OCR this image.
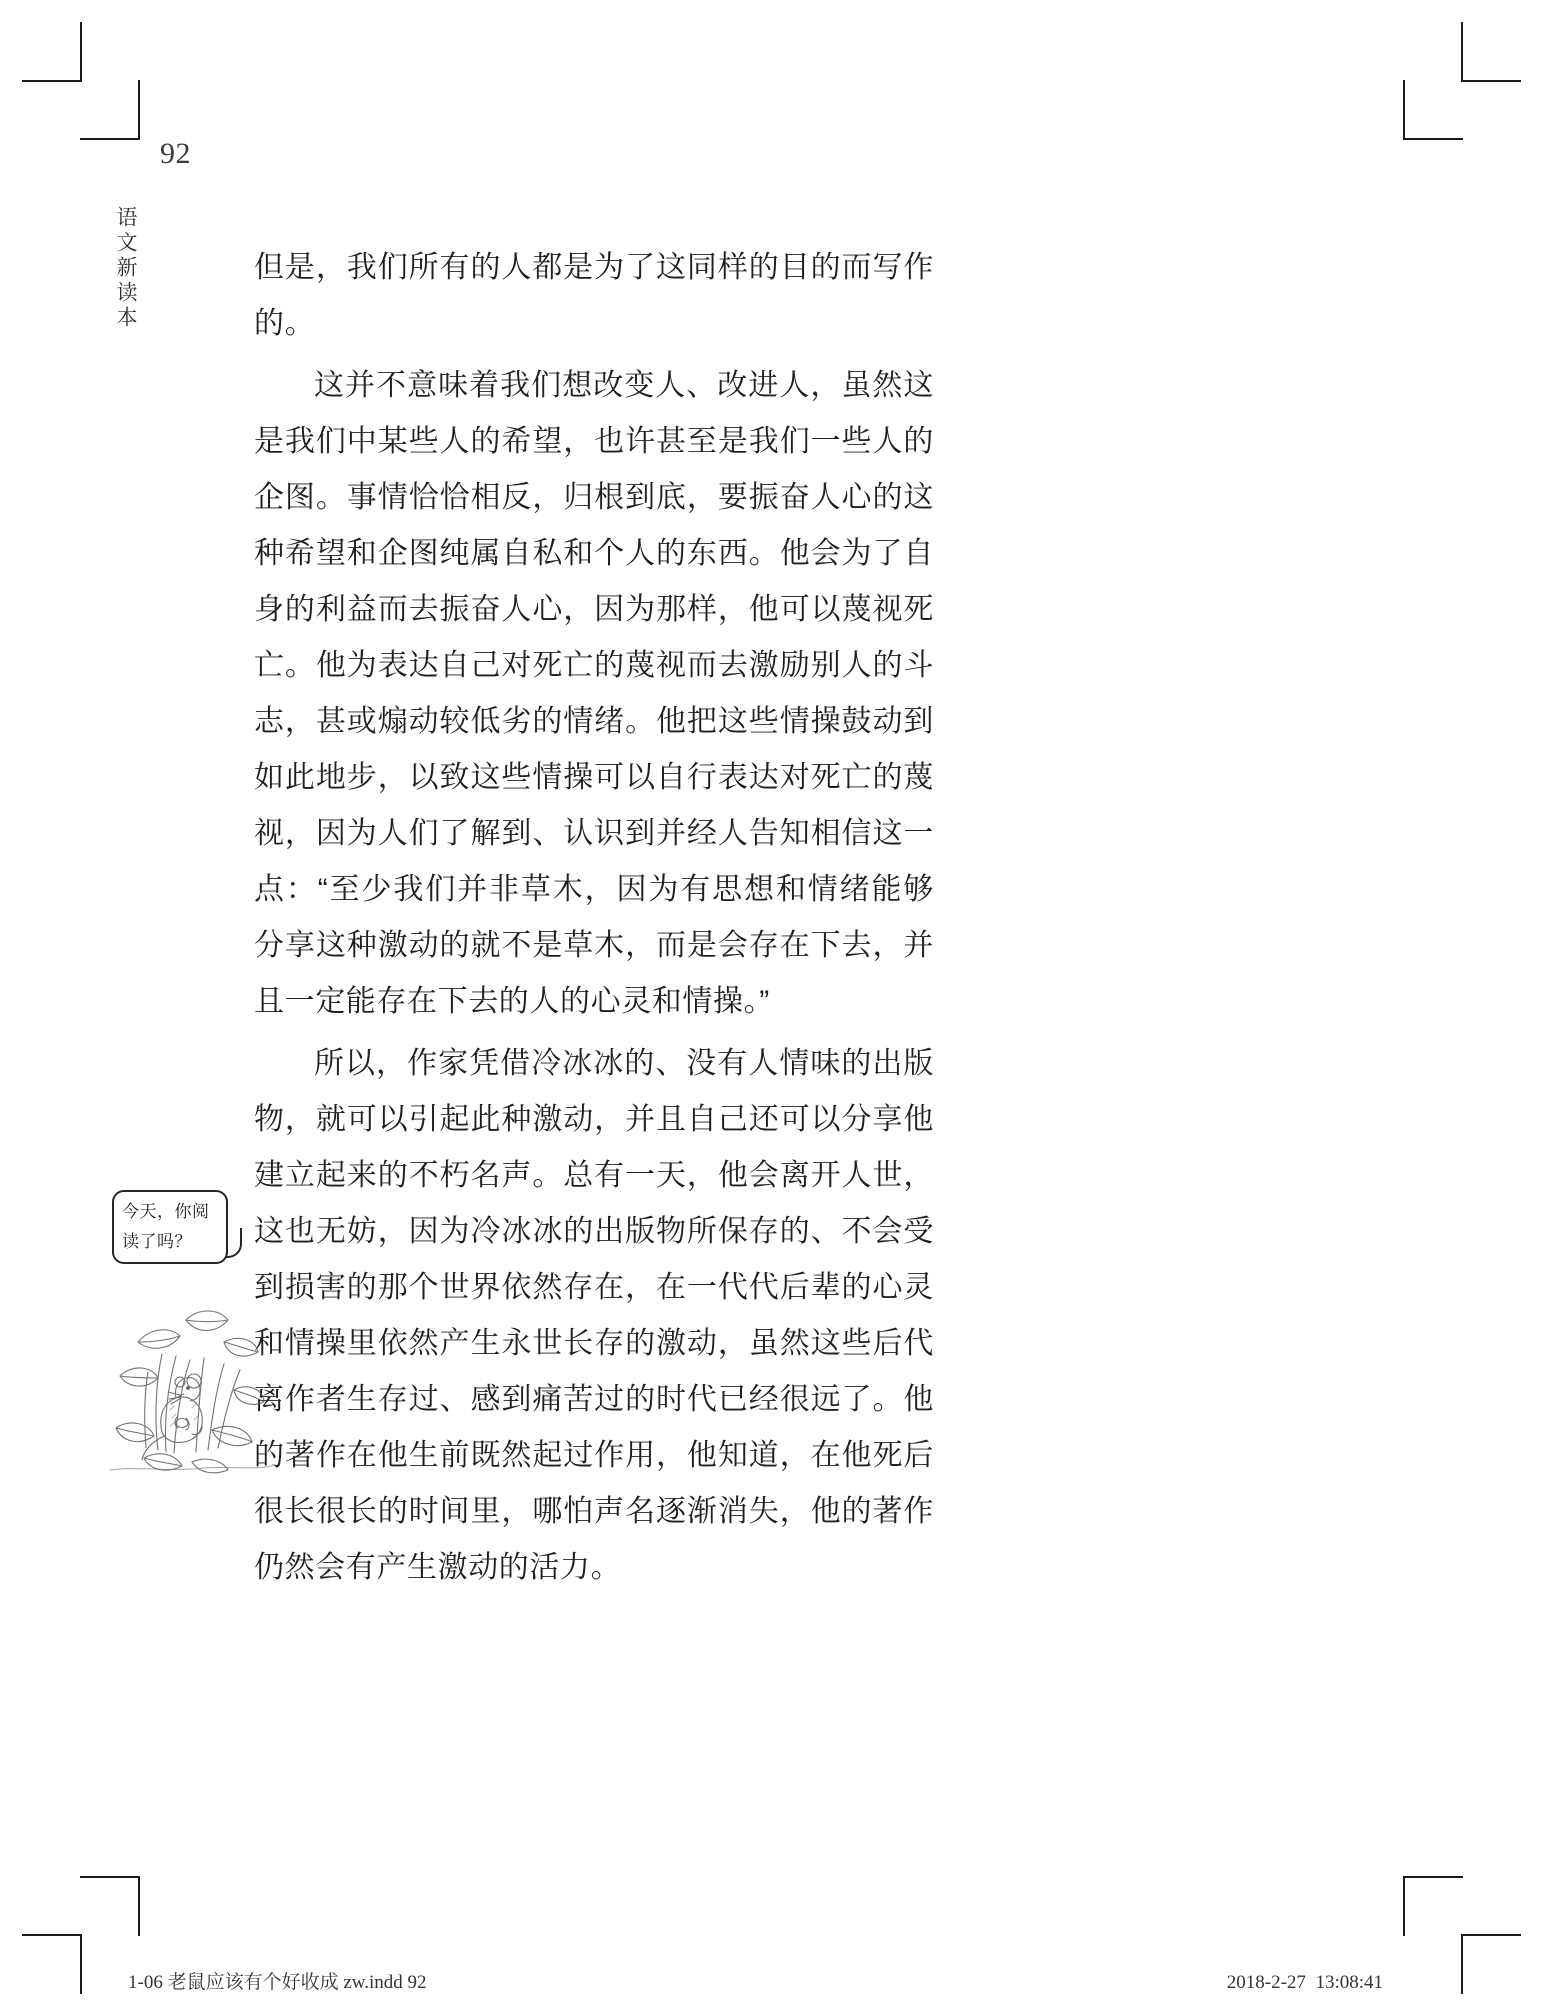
92
语文新读本	但是，我们所有的人都是为了这同样的目的而写作的。

这并不意味着我们想改变人、改进人，虽然这是我们中某些人的希望，也许甚至是我们一些人的企图。事情恰恰相反，归根到底，要振奋人心的这种希望和企图纯属自私和个人的东西。他会为了自身的利益而去振奋人心，因为那样，他可以蔑视死亡。他为表达自己对死亡的蔑视而去激励别人的斗志，甚或煽动较低劣的情绪。他把这些情操鼓动到如此地步，以致这些情操可以自行表达对死亡的蔑视，因为人们了解到、认识到并经人告知相信这一点：“至少我们并非草木，因为有思想和情绪能够分享这种激动的就不是草木，而是会存在下去，并且一定能存在下去的人的心灵和情操。”

所以，作家凭借冷冰冰的、没有人情味的出版物，就可以引起此种激动，并且自己还可以分享他建立起来的不朽名声。总有一天，他会离开人世，这也无妨，因为冷冰冰的出版物所保存的、不会受到损害的那个世界依然存在，在一代代后辈的心灵和情操里依然产生永世长存的激动，虽然这些后代离作者生存过、感到痛苦过的时代已经很远了。他的著作在他生前既然起过作用，他知道，在他死后很长很长的时间里，哪怕声名逐渐消失，他的著作仍然会有产生激动的活力。

今天，你阅
读了吗？
1-06 老鼠应该有个好收成 zw.indd 92	2018-2-27 13:08:41
